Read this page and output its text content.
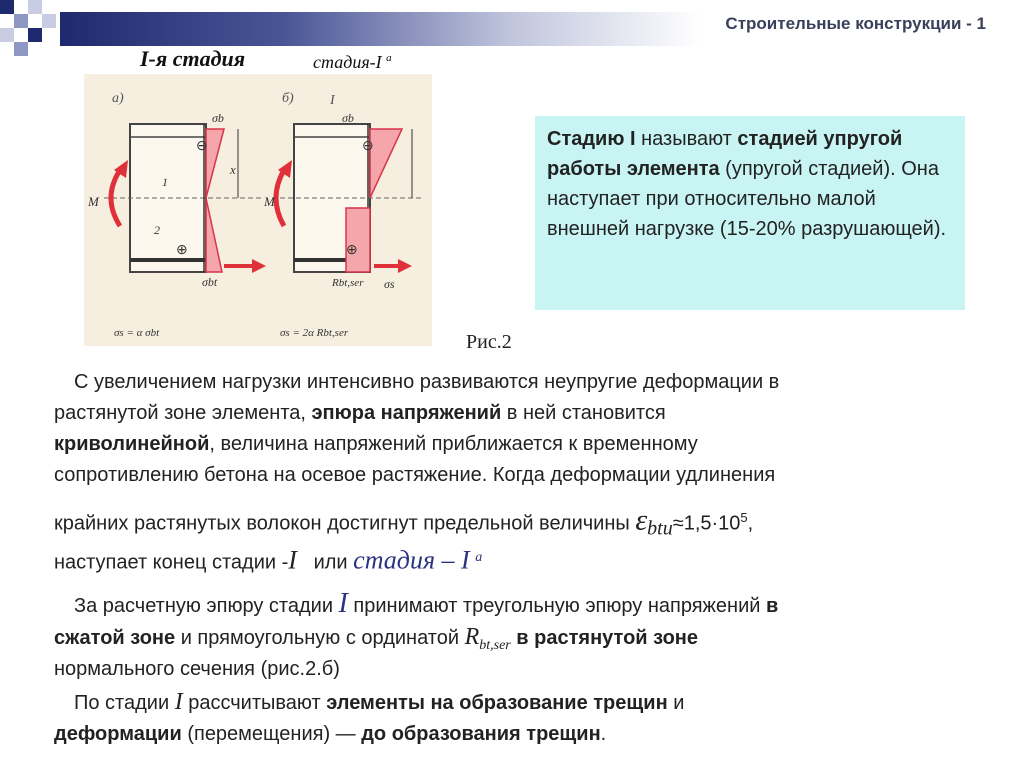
Строительные конструкции - 1
I-я стадия	стадия-I $^a$
а)
⊖
⊕
σb
σbt
x
M
1
2
σs = α σbt
б)	I
⊖
⊕
σb
Rbt,ser
M
σs
σs = 2α Rbt,ser	Рис.2
Стадию I называют стадией упругой работы элемента (упругой стадией). Она наступает при относительно малой внешней нагрузке (15-20% разрушающей).
С увеличением нагрузки интенсивно развиваются неупругие деформации в
растянутой зоне элемента, эпюра напряжений в ней становится
криволинейной, величина напряжений приближается к временному
сопротивлению бетона на осевое растяжение. Когда деформации удлинения
крайних растянутых волокон достигнут предельной величины $\varepsilon_{btu}\approx 1,5\cdot 10^5$,
наступает конец стадии -I или стадия – I $^a$
За расчетную эпюру стадии I принимают треугольную эпюру напряжений в
сжатой зоне и прямоугольную с ординатой $R_{bt,ser}$ в растянутой зоне
нормального сечения (рис.2.б)
По стадии I рассчитывают элементы на образование трещин и
деформации (перемещения) — до образования трещин.
